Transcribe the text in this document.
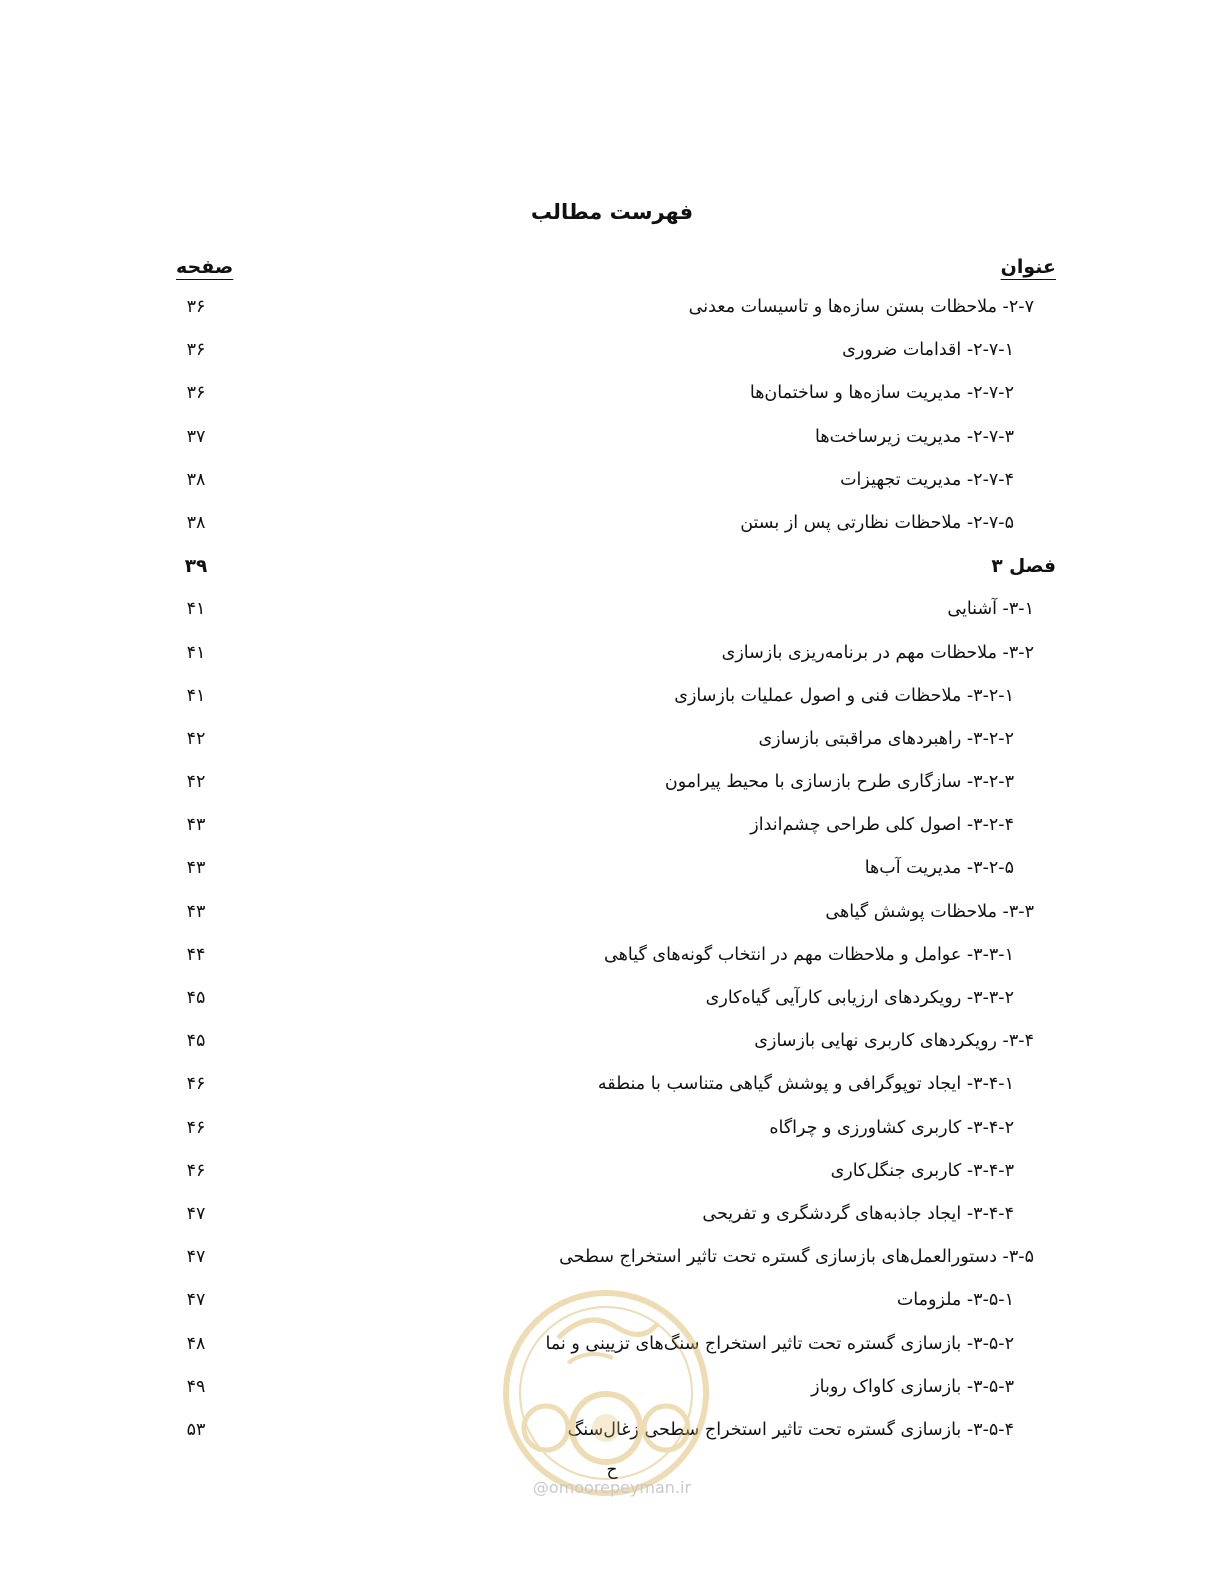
فهرست مطالب
عنوان
صفحه
۲-۷- ملاحظات بستن سازه‌ها و تاسیسات معدنی
۳۶
۲-۷-۱- اقدامات ضروری
۳۶
۲-۷-۲- مدیریت سازه‌ها و ساختمان‌ها
۳۶
۲-۷-۳- مدیریت زیرساخت‌ها
۳۷
۲-۷-۴- مدیریت تجهیزات
۳۸
۲-۷-۵- ملاحظات نظارتی پس از بستن
۳۸
فصل ۳
۳۹
۳-۱- آشنایی
۴۱
۳-۲- ملاحظات مهم در برنامه‌ریزی بازسازی
۴۱
۳-۲-۱- ملاحظات فنی و اصول عملیات بازسازی
۴۱
۳-۲-۲- راهبردهای مراقبتی بازسازی
۴۲
۳-۲-۳- سازگاری طرح بازسازی با محیط پیرامون
۴۲
۳-۲-۴- اصول کلی طراحی چشم‌انداز
۴۳
۳-۲-۵- مدیریت آب‌ها
۴۳
۳-۳- ملاحظات پوشش گیاهی
۴۳
۳-۳-۱- عوامل و ملاحظات مهم در انتخاب گونه‌های گیاهی
۴۴
۳-۳-۲- رویکردهای ارزیابی کارآیی گیاه‌کاری
۴۵
۳-۴- رویکردهای کاربری نهایی بازسازی
۴۵
۳-۴-۱- ایجاد توپوگرافی و پوشش گیاهی متناسب با منطقه
۴۶
۳-۴-۲- کاربری کشاورزی و چراگاه
۴۶
۳-۴-۳- کاربری جنگل‌کاری
۴۶
۳-۴-۴- ایجاد جاذبه‌های گردشگری و تفریحی
۴۷
۳-۵- دستورالعمل‌های بازسازی گستره تحت تاثیر استخراج سطحی
۴۷
۳-۵-۱- ملزومات
۴۷
۳-۵-۲- بازسازی گستره تحت تاثیر استخراج سنگ‌های تزیینی و نما
۴۸
۳-۵-۳- بازسازی کاواک روباز
۴۹
۳-۵-۴- بازسازی گستره تحت تاثیر استخراج سطحی زغال‌سنگ
۵۳
@omoorepeyman.ir
ح
